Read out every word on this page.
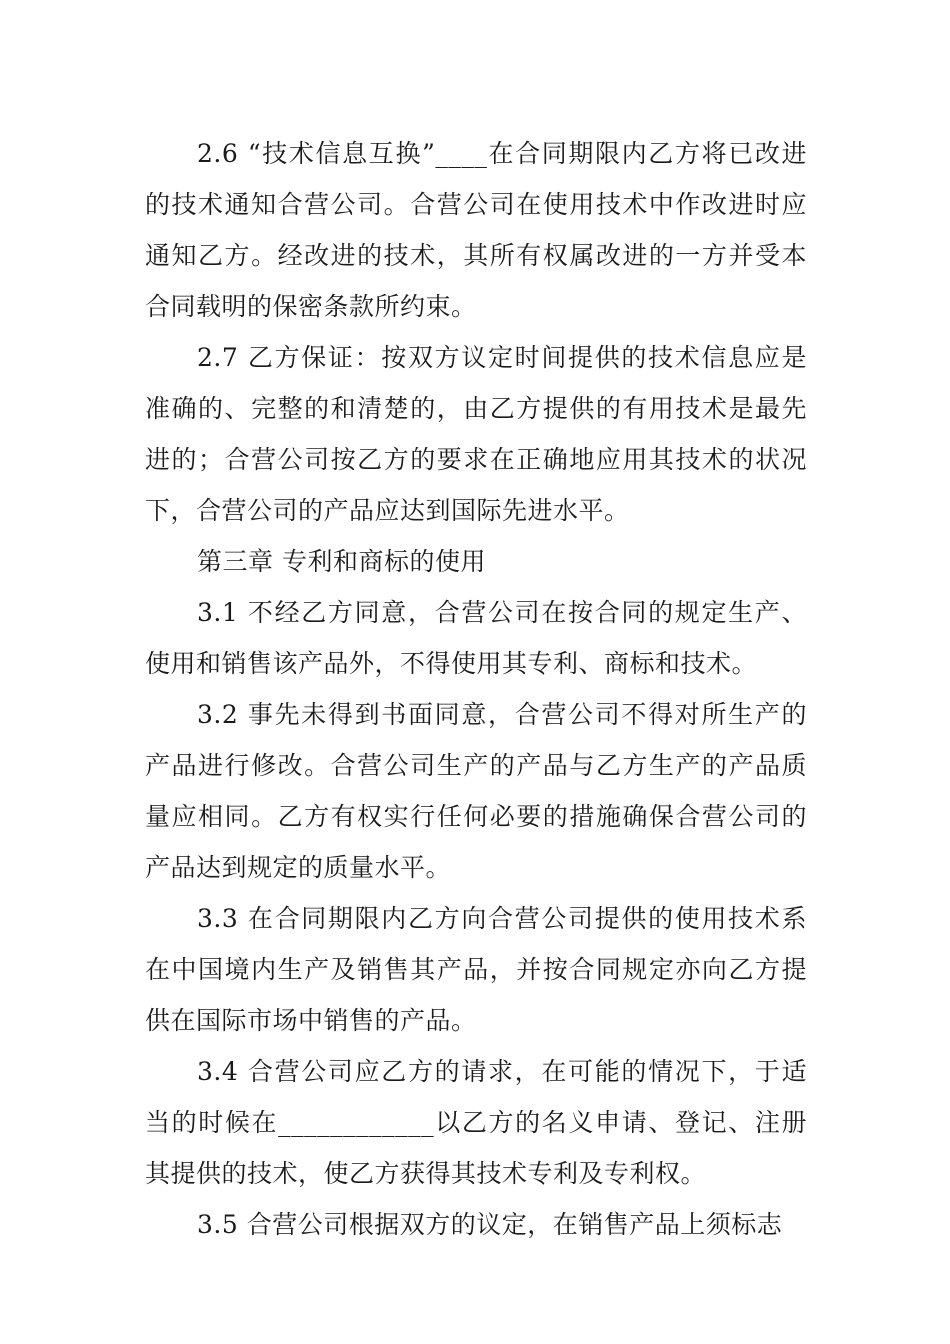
2.6 “技术信息互换”____在合同期限内乙方将已改进的技术通知合营公司。合营公司在使用技术中作改进时应通知乙方。经改进的技术，其所有权属改进的一方并受本合同载明的保密条款所约束。

2.7 乙方保证：按双方议定时间提供的技术信息应是准确的、完整的和清楚的，由乙方提供的有用技术是最先进的；合营公司按乙方的要求在正确地应用其技术的状况下，合营公司的产品应达到国际先进水平。

第三章 专利和商标的使用

3.1 不经乙方同意，合营公司在按合同的规定生产、使用和销售该产品外，不得使用其专利、商标和技术。

3.2 事先未得到书面同意，合营公司不得对所生产的产品进行修改。合营公司生产的产品与乙方生产的产品质量应相同。乙方有权实行任何必要的措施确保合营公司的产品达到规定的质量水平。

3.3 在合同期限内乙方向合营公司提供的使用技术系在中国境内生产及销售其产品，并按合同规定亦向乙方提供在国际市场中销售的产品。

3.4 合营公司应乙方的请求，在可能的情况下，于适当的时候在____________以乙方的名义申请、登记、注册其提供的技术，使乙方获得其技术专利及专利权。

3.5 合营公司根据双方的议定，在销售产品上须标志
